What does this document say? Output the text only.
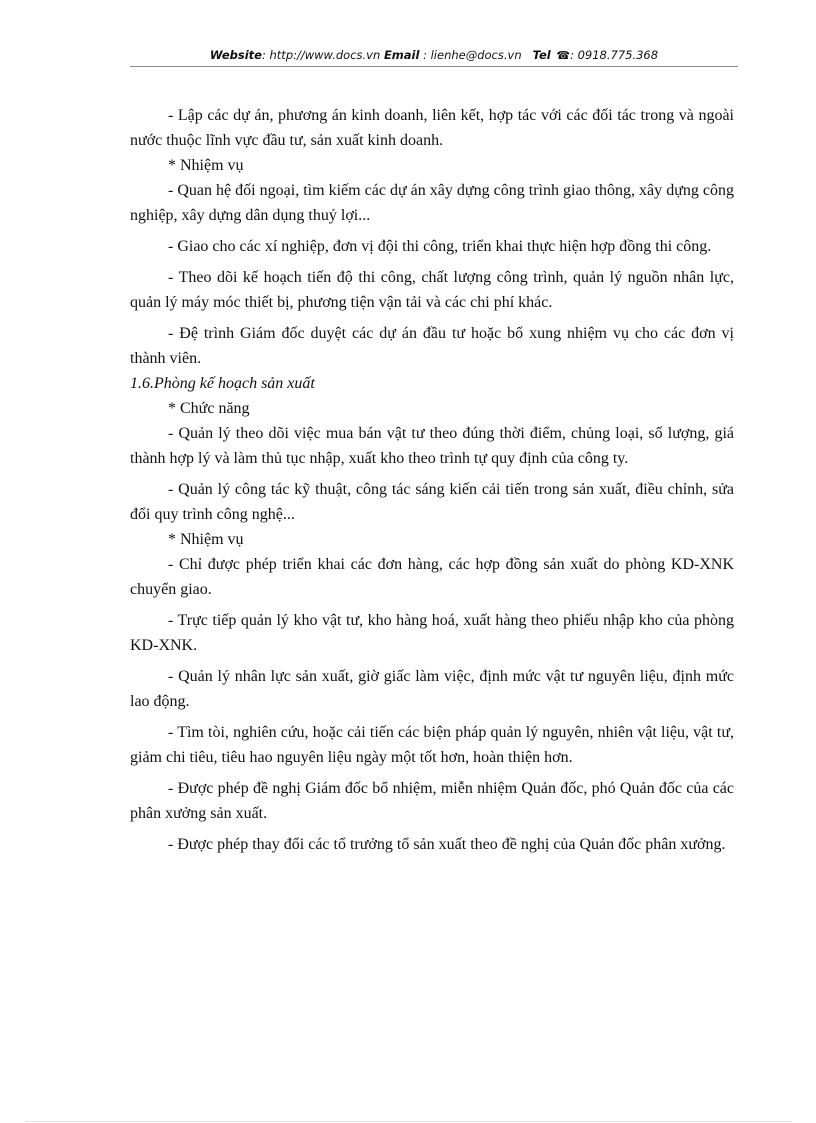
Website: http://www.docs.vn Email : lienhe@docs.vn Tel ☎: 0918.775.368

- Lập các dự án, phương án kinh doanh, liên kết, hợp tác với các đối tác trong và ngoài nước thuộc lĩnh vực đầu tư, sản xuất kinh doanh.

* Nhiệm vụ

- Quan hệ đối ngoại, tìm kiếm các dự án xây dựng công trình giao thông, xây dựng công nghiệp, xây dựng dân dụng thuỷ lợi...

- Giao cho các xí nghiệp, đơn vị đội thi công, triển khai thực hiện hợp đồng thi công.

- Theo dõi kế hoạch tiến độ thi công, chất lượng công trình, quản lý nguồn nhân lực, quản lý máy móc thiết bị, phương tiện vận tải và các chi phí khác.

- Đệ trình Giám đốc duyệt các dự án đầu tư hoặc bổ xung nhiệm vụ cho các đơn vị thành viên.

1.6.Phòng kế hoạch sản xuất

* Chức năng

- Quản lý theo dõi việc mua bán vật tư theo đúng thời điểm, chủng loại, số lượng, giá thành hợp lý và làm thủ tục nhập, xuất kho theo trình tự quy định của công ty.

- Quản lý công tác kỹ thuật, công tác sáng kiến cải tiến trong sản xuất, điều chỉnh, sửa đổi quy trình công nghệ...

* Nhiệm vụ

- Chỉ được phép triển khai các đơn hàng, các hợp đồng sản xuất do phòng KD-XNK chuyển giao.

- Trực tiếp quản lý kho vật tư, kho hàng hoá, xuất hàng theo phiếu nhập kho của phòng KD-XNK.

- Quản lý nhân lực sản xuất, giờ giấc làm việc, định mức vật tư nguyên liệu, định mức lao động.

- Tìm tòi, nghiên cứu, hoặc cải tiến các biện pháp quản lý nguyên, nhiên vật liệu, vật tư, giảm chi tiêu, tiêu hao nguyên liệu ngày một tốt hơn, hoàn thiện hơn.

- Được phép đề nghị Giám đốc bổ nhiệm, miễn nhiệm Quản đốc, phó Quản đốc của các phân xưởng sản xuất.

- Được phép thay đổi các tổ trưởng tổ sản xuất theo đề nghị của Quản đốc phân xưởng.
